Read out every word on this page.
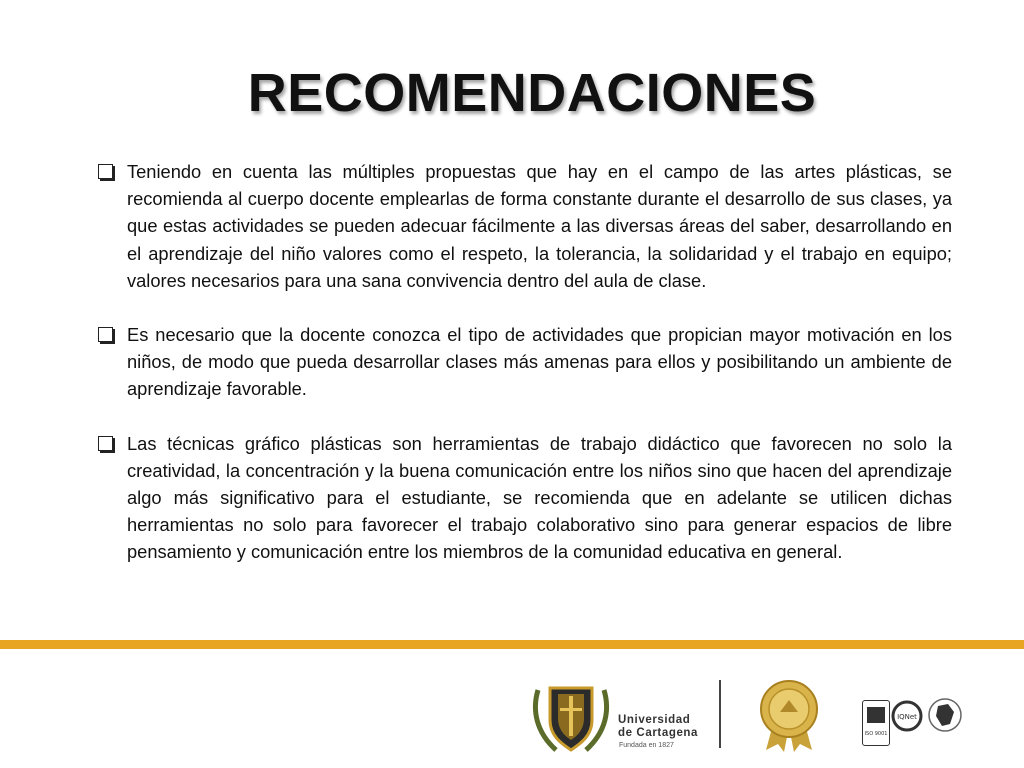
RECOMENDACIONES
Teniendo en cuenta las múltiples propuestas que hay en el campo de las artes plásticas, se recomienda al cuerpo docente emplearlas de forma constante durante el desarrollo de sus clases, ya que estas actividades se pueden adecuar fácilmente a las diversas áreas del saber, desarrollando en el aprendizaje del niño valores como el respeto, la tolerancia, la solidaridad y el trabajo en equipo; valores necesarios para una sana convivencia dentro del aula de clase.
Es necesario que la docente conozca el tipo de actividades que propician mayor motivación en los niños, de modo que pueda desarrollar clases más amenas para ellos y posibilitando un ambiente de aprendizaje favorable.
Las técnicas gráfico plásticas son herramientas de trabajo didáctico que favorecen no solo la creatividad, la concentración y la buena comunicación entre los niños sino que hacen del aprendizaje algo más significativo para el estudiante, se recomienda que en adelante se utilicen dichas herramientas no solo para favorecer el trabajo colaborativo sino para generar espacios de libre pensamiento y comunicación entre los miembros de la comunidad educativa en general.
Universidad
de Cartagena
Fundada en 1827
ISO 9001
IQNet
